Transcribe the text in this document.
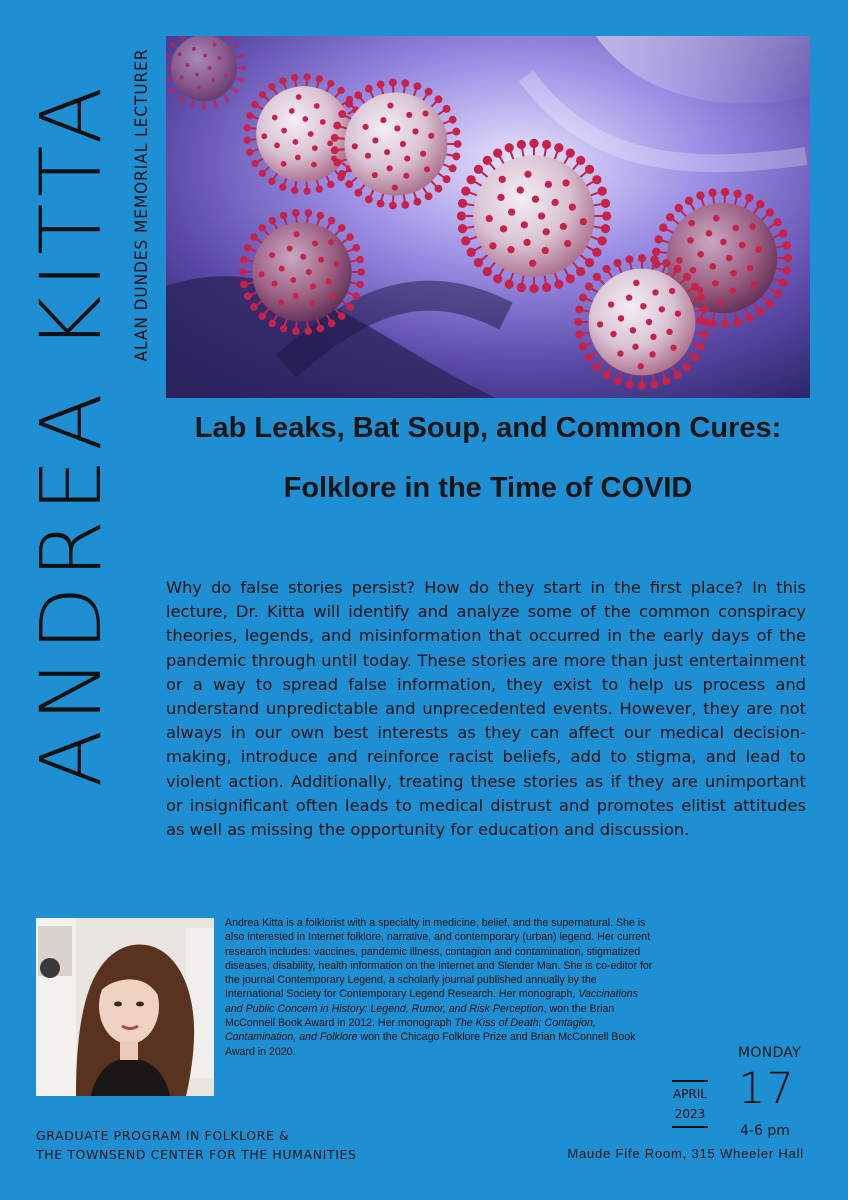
ANDREA KITTA ALAN DUNDES MEMORIAL LECTURER
Lab Leaks, Bat Soup, and Common Cures:
Folklore in the Time of COVID

Why do false stories persist? How do they start in the first place? In this lecture, Dr. Kitta will identify and analyze some of the common conspiracy theories, legends, and misinformation that occurred in the early days of the pandemic through until today. These stories are more than just entertainment or a way to spread false information, they exist to help us process and understand unpredictable and unprecedented events. However, they are not always in our own best interests as they can affect our medical decision-making, introduce and reinforce racist beliefs, add to stigma, and lead to violent action. Additionally, treating these stories as if they are unimportant or insignificant often leads to medical distrust and promotes elitist attitudes as well as missing the opportunity for education and discussion.

Andrea Kitta is a folklorist with a specialty in medicine, belief, and the supernatural. She is also interested in Internet folklore, narrative, and contemporary (urban) legend. Her current research includes: vaccines, pandemic illness, contagion and contamination, stigmatized diseases, disability, health information on the Internet and Slender Man. She is co-editor for the journal Contemporary Legend, a scholarly journal published annually by the International Society for Contemporary Legend Research. Her monograph, Vaccinations and Public Concern in History: Legend, Rumor, and Risk Perception, won the Brian McConnell Book Award in 2012. Her monograph The Kiss of Death: Contagion, Contamination, and Folklore won the Chicago Folklore Prize and Brian McConnell Book Award in 2020.

GRADUATE PROGRAM IN FOLKLORE &
THE TOWNSEND CENTER FOR THE HUMANITIES
APRIL
2023
MONDAY
17
4-6 pm
Maude Fife Room, 315 Wheeler Hall
